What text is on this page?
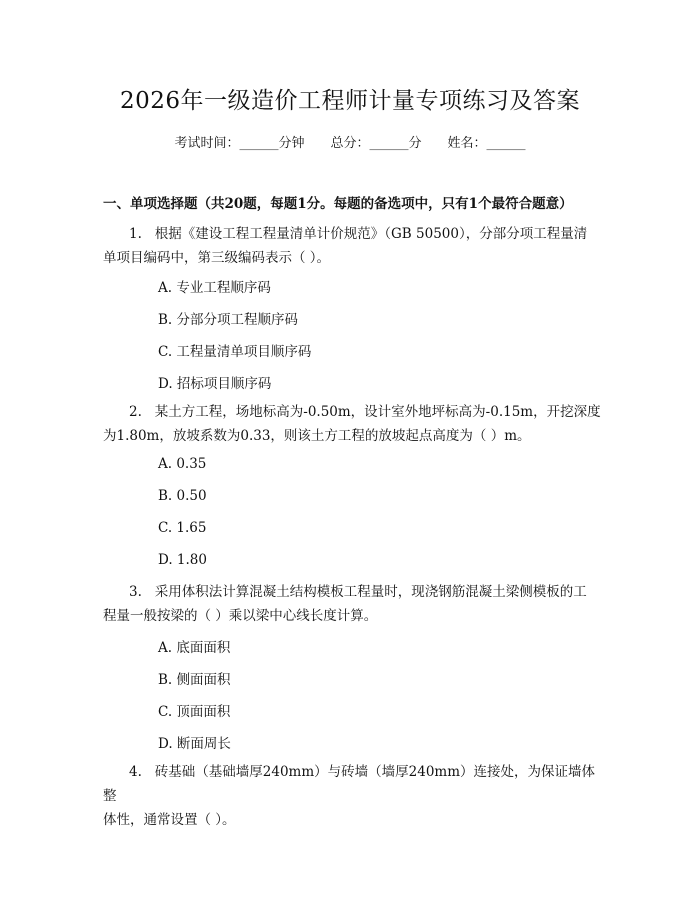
2026年一级造价工程师计量专项练习及答案
考试时间：______分钟 总分：______分 姓名：______

一、单项选择题（共20题，每题1分。每题的备选项中，只有1个最符合题意）

1. 根据《建设工程工程量清单计价规范》（GB 50500），分部分项工程量清
单项目编码中，第三级编码表示（ ）。

A. 专业工程顺序码

B. 分部分项工程顺序码

C. 工程量清单项目顺序码

D. 招标项目顺序码

2. 某土方工程，场地标高为-0.50m，设计室外地坪标高为-0.15m，开挖深度
为1.80m，放坡系数为0.33，则该土方工程的放坡起点高度为（ ）m。

A. 0.35

B. 0.50

C. 1.65

D. 1.80

3. 采用体积法计算混凝土结构模板工程量时，现浇钢筋混凝土梁侧模板的工
程量一般按梁的（ ）乘以梁中心线长度计算。

A. 底面面积

B. 侧面面积

C. 顶面面积

D. 断面周长

4. 砖基础（基础墙厚240mm）与砖墙（墙厚240mm）连接处，为保证墙体整
体性，通常设置（ ）。
